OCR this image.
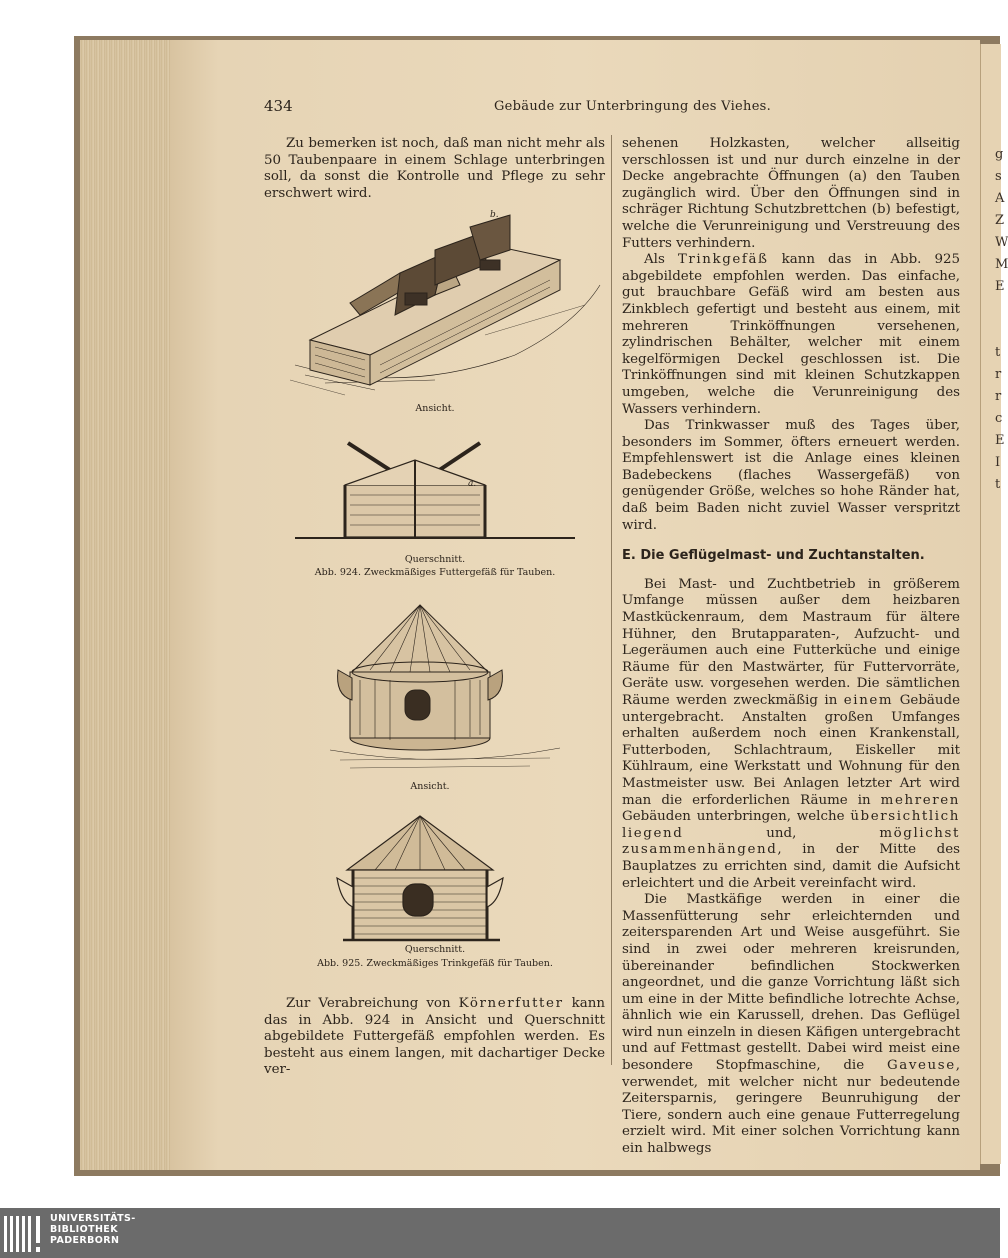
g
s
A
Z
W
M
E

t
r
r
c
E
I
t
434	Gebäude zur Unterbringung des Viehes.

Zu bemerken ist noch, daß man nicht mehr als 50 Taubenpaare in einem Schlage unterbringen soll, da sonst die Kontrolle und Pflege zu sehr erschwert wird.

b.
Ansicht.
a.
Querschnitt.
Abb. 924. Zweckmäßiges Futtergefäß für Tauben.
Ansicht.
Querschnitt.
Abb. 925. Zweckmäßiges Trinkgefäß für Tauben.

Zur Verabreichung von Körnerfutter kann das in Abb. 924 in Ansicht und Querschnitt abgebildete Futtergefäß empfohlen werden. Es besteht aus einem langen, mit dachartiger Decke ver-

sehenen Holzkasten, welcher allseitig verschlossen ist und nur durch einzelne in der Decke angebrachte Öffnungen (a) den Tauben zugänglich wird. Über den Öffnungen sind in schräger Richtung Schutzbrettchen (b) befestigt, welche die Verunreinigung und Verstreuung des Futters verhindern.

Als Trinkgefäß kann das in Abb. 925 abgebildete empfohlen werden. Das einfache, gut brauchbare Gefäß wird am besten aus Zinkblech gefertigt und besteht aus einem, mit mehreren Trinköffnungen versehenen, zylindrischen Behälter, welcher mit einem kegelförmigen Deckel geschlossen ist. Die Trinköffnungen sind mit kleinen Schutzkappen umgeben, welche die Verunreinigung des Wassers verhindern.

Das Trinkwasser muß des Tages über, besonders im Sommer, öfters erneuert werden. Empfehlenswert ist die Anlage eines kleinen Badebeckens (flaches Wassergefäß) von genügender Größe, welches so hohe Ränder hat, daß beim Baden nicht zuviel Wasser verspritzt wird.

E. Die Geflügelmast- und Zuchtanstalten.

Bei Mast- und Zuchtbetrieb in größerem Umfange müssen außer dem heizbaren Mastkückenraum, dem Mastraum für ältere Hühner, den Brutapparaten-, Aufzucht- und Legeräumen auch eine Futterküche und einige Räume für den Mastwärter, für Futtervorräte, Geräte usw. vorgesehen werden. Die sämtlichen Räume werden zweckmäßig in einem Gebäude untergebracht. Anstalten großen Umfanges erhalten außerdem noch einen Krankenstall, Futterboden, Schlachtraum, Eiskeller mit Kühlraum, eine Werkstatt und Wohnung für den Mastmeister usw. Bei Anlagen letzter Art wird man die erforderlichen Räume in mehreren Gebäuden unterbringen, welche übersichtlich liegend und, möglichst zusammenhängend, in der Mitte des Bauplatzes zu errichten sind, damit die Aufsicht erleichtert und die Arbeit vereinfacht wird.

Die Mastkäfige werden in einer die Massenfütterung sehr erleichternden und zeitersparenden Art und Weise ausgeführt. Sie sind in zwei oder mehreren kreisrunden, übereinander befindlichen Stockwerken angeordnet, und die ganze Vorrichtung läßt sich um eine in der Mitte befindliche lotrechte Achse, ähnlich wie ein Karussell, drehen. Das Geflügel wird nun einzeln in diesen Käfigen untergebracht und auf Fettmast gestellt. Dabei wird meist eine besondere Stopfmaschine, die Gaveuse, verwendet, mit welcher nicht nur bedeutende Zeitersparnis, geringere Beunruhigung der Tiere, sondern auch eine genaue Futterregelung erzielt wird. Mit einer solchen Vorrichtung kann ein halbwegs

UNIVERSITÄTS-
BIBLIOTHEK
PADERBORN
